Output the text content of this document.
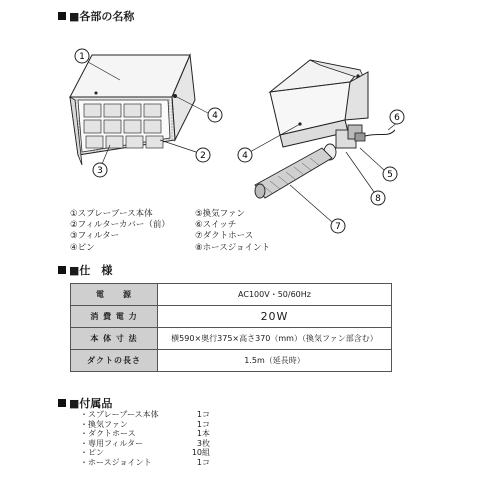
■各部の名称
1
4
2
3
4
6
5
8
7
①スプレーブース本体
②フィルターカバー（前）
③フィルター
④ピン
⑤換気ファン
⑥スイッチ
⑦ダクトホース
⑧ホースジョイント
■仕　様
電　　源	AC100V・50/60Hz
消 費 電 力	20W
本 体 寸 法	横590×奥行375×高さ370（mm）（換気ファン部含む）
ダクトの長さ	1.5m（延長時）
■付属品
・スプレーブース本体	1コ
・換気ファン	1コ
・ダクトホース	1本
・専用フィルター	3枚
・ピン	10組
・ホースジョイント	1コ
